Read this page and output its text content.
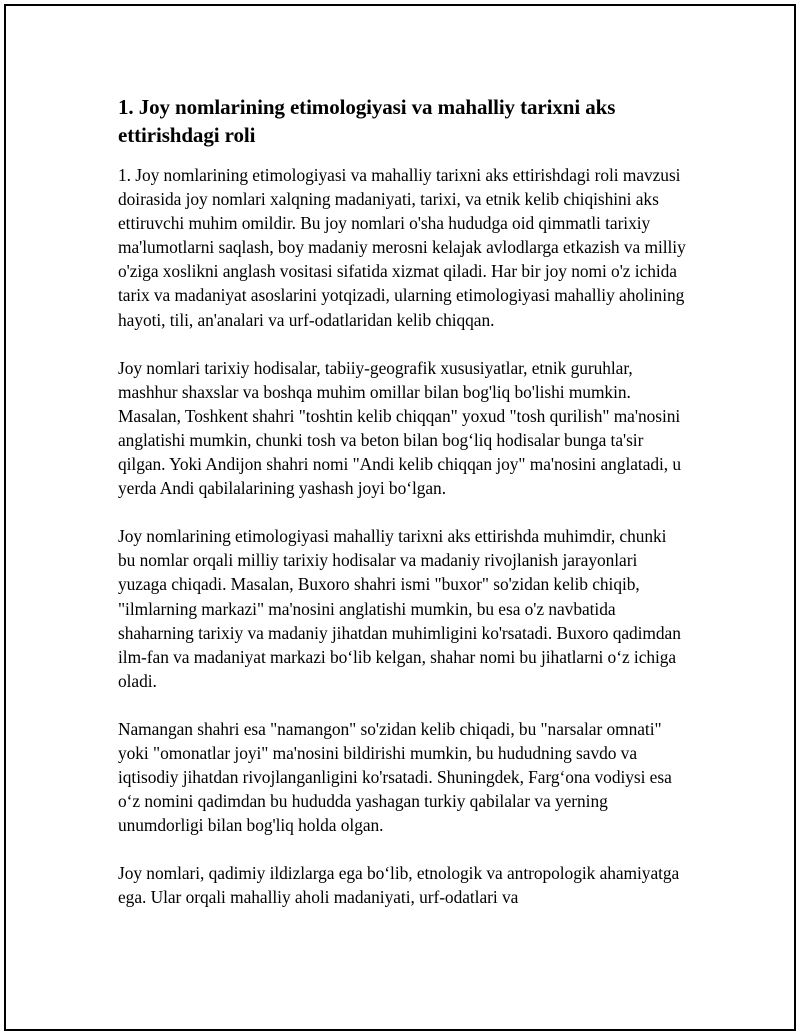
1. Joy nomlarining etimologiyasi va mahalliy tarixni aks ettirishdagi roli

1. Joy nomlarining etimologiyasi va mahalliy tarixni aks ettirishdagi roli mavzusi doirasida joy nomlari xalqning madaniyati, tarixi, va etnik kelib chiqishini aks ettiruvchi muhim omildir. Bu joy nomlari o'sha hududga oid qimmatli tarixiy ma'lumotlarni saqlash, boy madaniy merosni kelajak avlodlarga etkazish va milliy o'ziga xoslikni anglash vositasi sifatida xizmat qiladi. Har bir joy nomi o'z ichida tarix va madaniyat asoslarini yotqizadi, ularning etimologiyasi mahalliy aholining hayoti, tili, an'analari va urf-odatlaridan kelib chiqqan.

Joy nomlari tarixiy hodisalar, tabiiy-geografik xususiyatlar, etnik guruhlar, mashhur shaxslar va boshqa muhim omillar bilan bog'liq bo'lishi mumkin. Masalan, Toshkent shahri "toshtin kelib chiqqan" yoxud "tosh qurilish" ma'nosini anglatishi mumkin, chunki tosh va beton bilan bog‘liq hodisalar bunga ta'sir qilgan. Yoki Andijon shahri nomi "Andi kelib chiqqan joy" ma'nosini anglatadi, u yerda Andi qabilalarining yashash joyi bo‘lgan.

Joy nomlarining etimologiyasi mahalliy tarixni aks ettirishda muhimdir, chunki bu nomlar orqali milliy tarixiy hodisalar va madaniy rivojlanish jarayonlari yuzaga chiqadi. Masalan, Buxoro shahri ismi "buxor" so'zidan kelib chiqib, "ilmlarning markazi" ma'nosini anglatishi mumkin, bu esa o'z navbatida shaharning tarixiy va madaniy jihatdan muhimligini ko'rsatadi. Buxoro qadimdan ilm-fan va madaniyat markazi bo‘lib kelgan, shahar nomi bu jihatlarni o‘z ichiga oladi.

Namangan shahri esa "namangon" so'zidan kelib chiqadi, bu "narsalar omnati" yoki "omonatlar joyi" ma'nosini bildirishi mumkin, bu hududning savdo va iqtisodiy jihatdan rivojlanganligini ko'rsatadi. Shuningdek, Farg‘ona vodiysi esa o‘z nomini qadimdan bu hududda yashagan turkiy qabilalar va yerning unumdorligi bilan bog'liq holda olgan.

Joy nomlari, qadimiy ildizlarga ega bo‘lib, etnologik va antropologik ahamiyatga ega. Ular orqali mahalliy aholi madaniyati, urf-odatlari va
